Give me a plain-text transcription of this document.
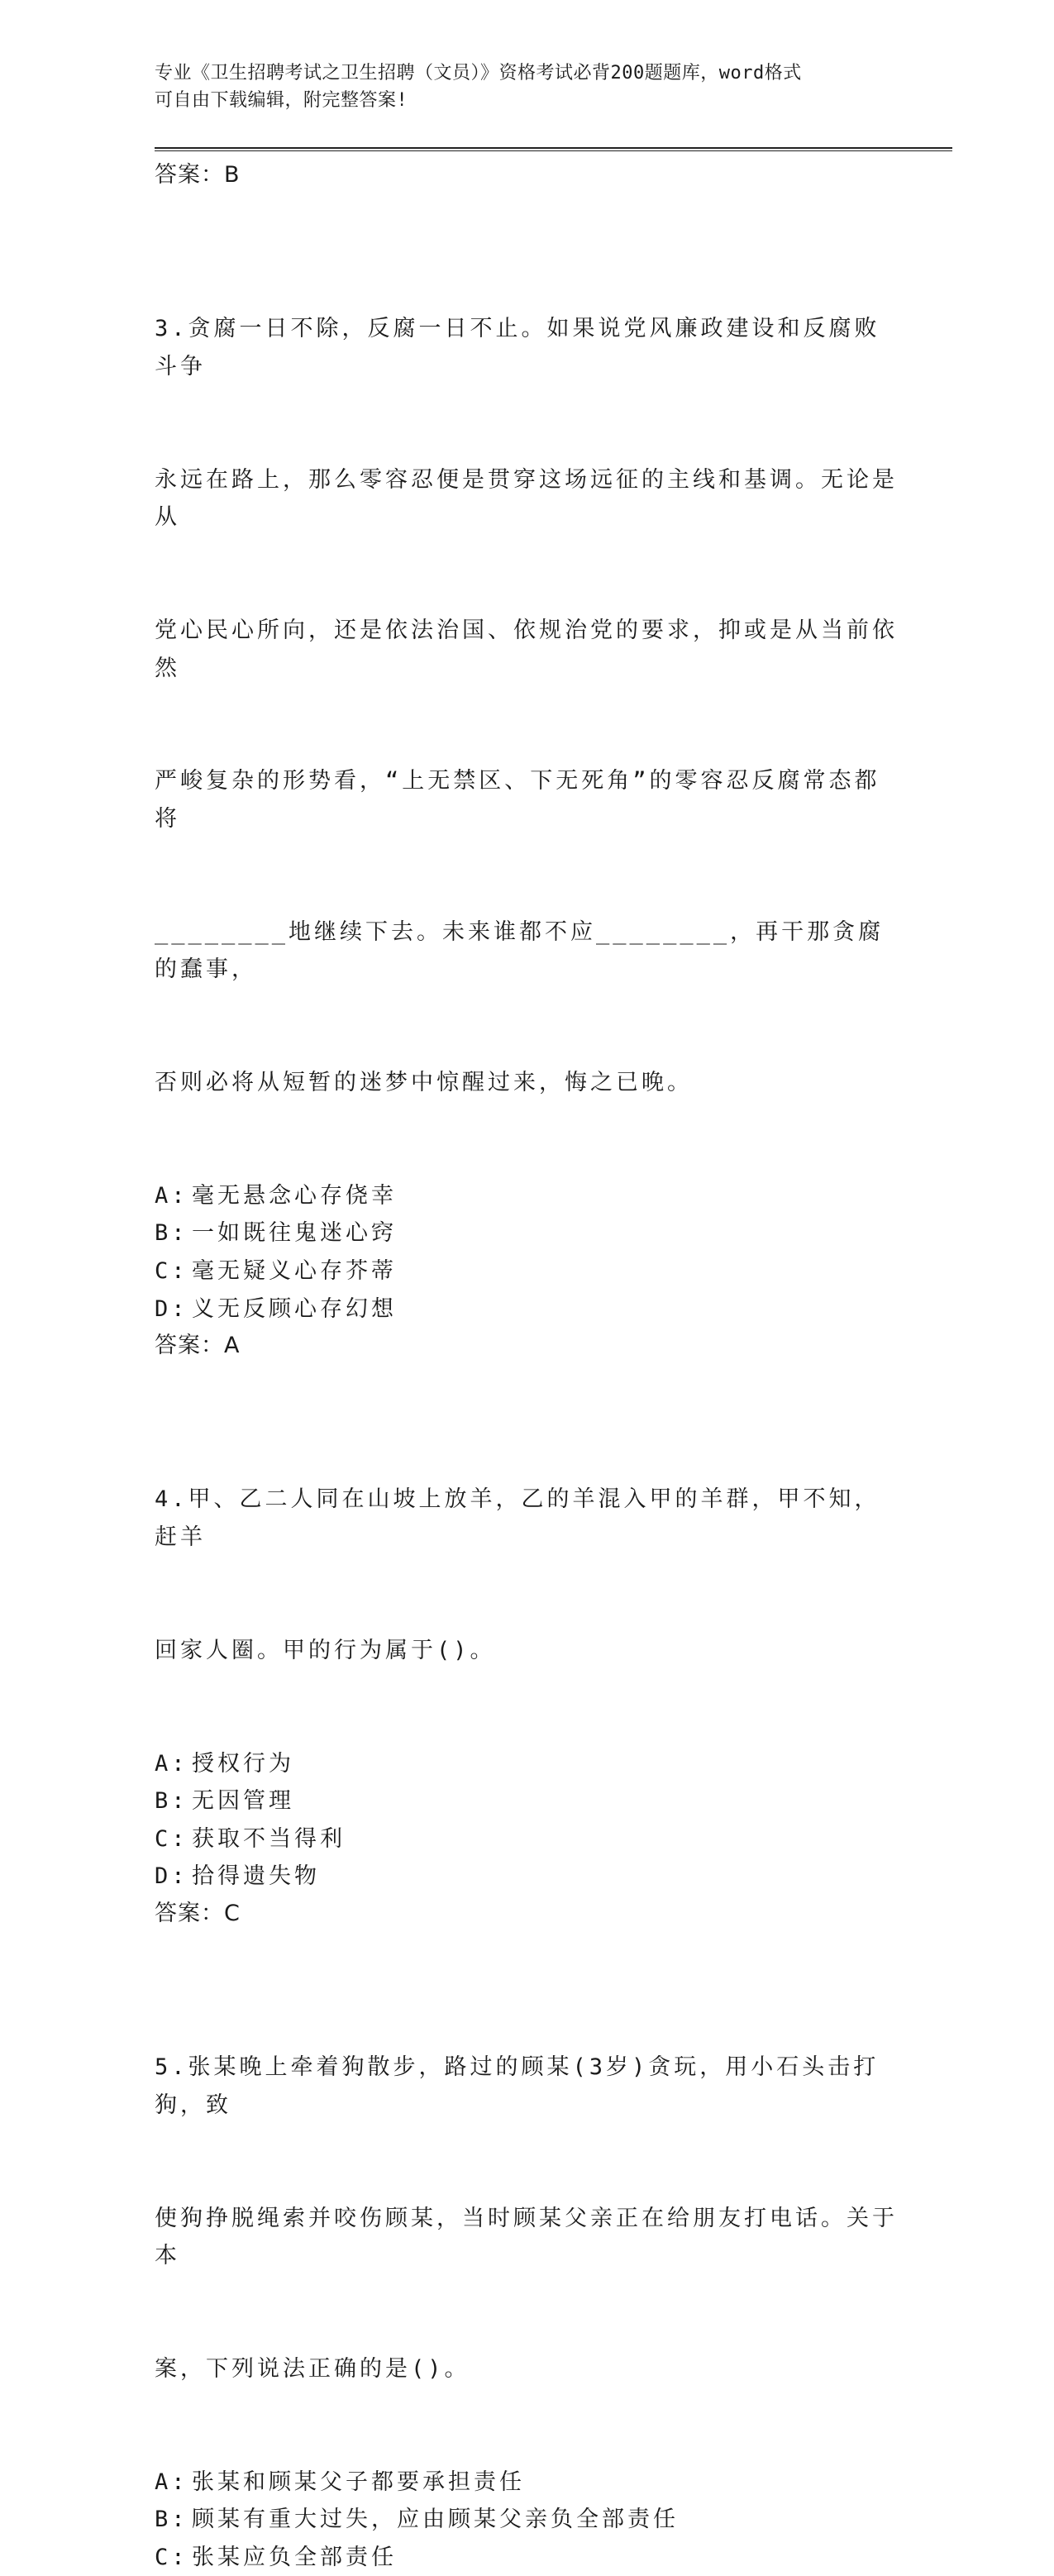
专业《卫生招聘考试之卫生招聘（文员）》资格考试必背200题题库，word格式
可自由下载编辑，附完整答案!
答案：B

3.贪腐一日不除，反腐一日不止。如果说党风廉政建设和反腐败斗争

永远在路上，那么零容忍便是贯穿这场远征的主线和基调。无论是从

党心民心所向，还是依法治国、依规治党的要求，抑或是从当前依然

严峻复杂的形势看，“上无禁区、下无死角”的零容忍反腐常态都将

________地继续下去。未来谁都不应________，再干那贪腐的蠢事，

否则必将从短暂的迷梦中惊醒过来，悔之已晚。

A: 毫无悬念心存侥幸
B: 一如既往鬼迷心窍
C: 毫无疑义心存芥蒂
D: 义无反顾心存幻想
答案：A

4.甲、乙二人同在山坡上放羊，乙的羊混入甲的羊群，甲不知，赶羊

回家人圈。甲的行为属于()。

A: 授权行为
B: 无因管理
C: 获取不当得利
D: 拾得遗失物
答案：C

5.张某晚上牵着狗散步，路过的顾某(3岁)贪玩，用小石头击打狗，致

使狗挣脱绳索并咬伤顾某，当时顾某父亲正在给朋友打电话。关于本

案，下列说法正确的是()。

A: 张某和顾某父子都要承担责任
B: 顾某有重大过失，应由顾某父亲负全部责任
C: 张某应负全部责任
